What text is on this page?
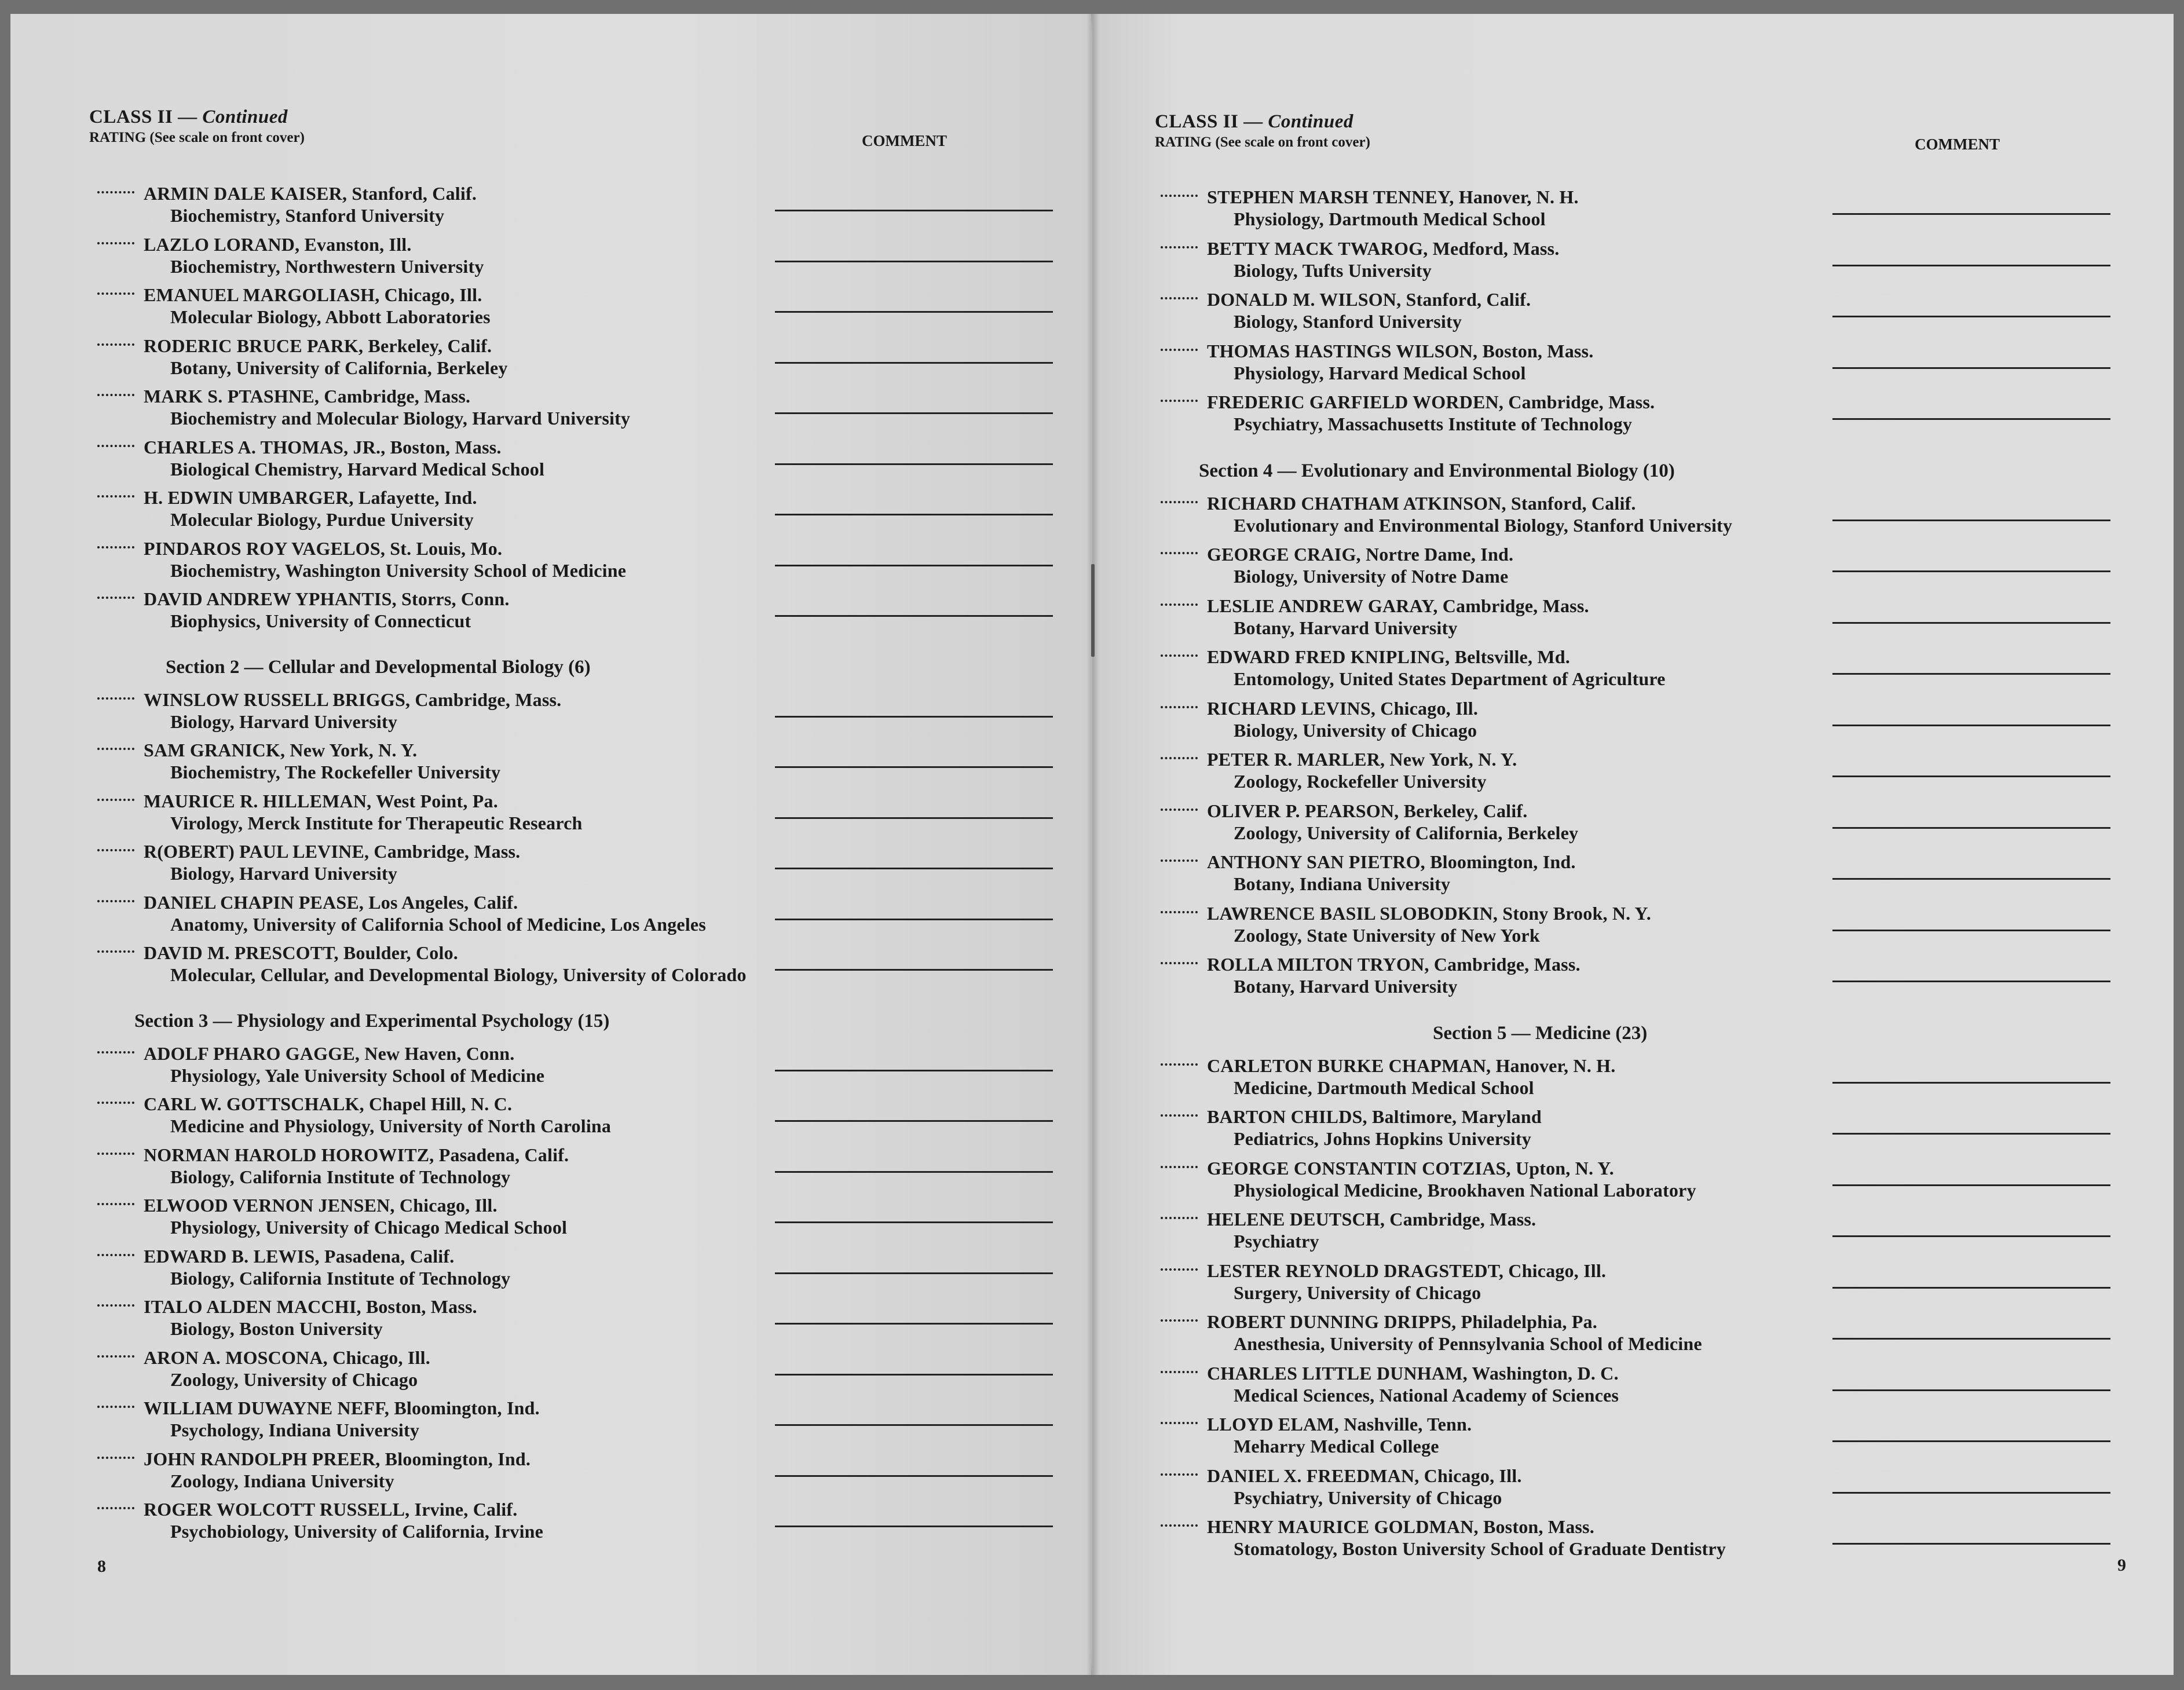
CLASS II — Continued
RATING (See scale on front cover)	COMMENT
ARMIN DALE KAISER, Stanford, Calif.
Biochemistry, Stanford University
LAZLO LORAND, Evanston, Ill.
Biochemistry, Northwestern University
EMANUEL MARGOLIASH, Chicago, Ill.
Molecular Biology, Abbott Laboratories
RODERIC BRUCE PARK, Berkeley, Calif.
Botany, University of California, Berkeley
MARK S. PTASHNE, Cambridge, Mass.
Biochemistry and Molecular Biology, Harvard University
CHARLES A. THOMAS, JR., Boston, Mass.
Biological Chemistry, Harvard Medical School
H. EDWIN UMBARGER, Lafayette, Ind.
Molecular Biology, Purdue University
PINDAROS ROY VAGELOS, St. Louis, Mo.
Biochemistry, Washington University School of Medicine
DAVID ANDREW YPHANTIS, Storrs, Conn.
Biophysics, University of Connecticut
Section 2 — Cellular and Developmental Biology (6)
WINSLOW RUSSELL BRIGGS, Cambridge, Mass.
Biology, Harvard University
SAM GRANICK, New York, N. Y.
Biochemistry, The Rockefeller University
MAURICE R. HILLEMAN, West Point, Pa.
Virology, Merck Institute for Therapeutic Research
R(OBERT) PAUL LEVINE, Cambridge, Mass.
Biology, Harvard University
DANIEL CHAPIN PEASE, Los Angeles, Calif.
Anatomy, University of California School of Medicine, Los Angeles
DAVID M. PRESCOTT, Boulder, Colo.
Molecular, Cellular, and Developmental Biology, University of Colorado
Section 3 — Physiology and Experimental Psychology (15)
ADOLF PHARO GAGGE, New Haven, Conn.
Physiology, Yale University School of Medicine
CARL W. GOTTSCHALK, Chapel Hill, N. C.
Medicine and Physiology, University of North Carolina
NORMAN HAROLD HOROWITZ, Pasadena, Calif.
Biology, California Institute of Technology
ELWOOD VERNON JENSEN, Chicago, Ill.
Physiology, University of Chicago Medical School
EDWARD B. LEWIS, Pasadena, Calif.
Biology, California Institute of Technology
ITALO ALDEN MACCHI, Boston, Mass.
Biology, Boston University
ARON A. MOSCONA, Chicago, Ill.
Zoology, University of Chicago
WILLIAM DUWAYNE NEFF, Bloomington, Ind.
Psychology, Indiana University
JOHN RANDOLPH PREER, Bloomington, Ind.
Zoology, Indiana University
ROGER WOLCOTT RUSSELL, Irvine, Calif.
Psychobiology, University of California, Irvine
8
CLASS II — Continued
RATING (See scale on front cover)	COMMENT
STEPHEN MARSH TENNEY, Hanover, N. H.
Physiology, Dartmouth Medical School
BETTY MACK TWAROG, Medford, Mass.
Biology, Tufts University
DONALD M. WILSON, Stanford, Calif.
Biology, Stanford University
THOMAS HASTINGS WILSON, Boston, Mass.
Physiology, Harvard Medical School
FREDERIC GARFIELD WORDEN, Cambridge, Mass.
Psychiatry, Massachusetts Institute of Technology
Section 4 — Evolutionary and Environmental Biology (10)
RICHARD CHATHAM ATKINSON, Stanford, Calif.
Evolutionary and Environmental Biology, Stanford University
GEORGE CRAIG, Nortre Dame, Ind.
Biology, University of Notre Dame
LESLIE ANDREW GARAY, Cambridge, Mass.
Botany, Harvard University
EDWARD FRED KNIPLING, Beltsville, Md.
Entomology, United States Department of Agriculture
RICHARD LEVINS, Chicago, Ill.
Biology, University of Chicago
PETER R. MARLER, New York, N. Y.
Zoology, Rockefeller University
OLIVER P. PEARSON, Berkeley, Calif.
Zoology, University of California, Berkeley
ANTHONY SAN PIETRO, Bloomington, Ind.
Botany, Indiana University
LAWRENCE BASIL SLOBODKIN, Stony Brook, N. Y.
Zoology, State University of New York
ROLLA MILTON TRYON, Cambridge, Mass.
Botany, Harvard University
Section 5 — Medicine (23)
CARLETON BURKE CHAPMAN, Hanover, N. H.
Medicine, Dartmouth Medical School
BARTON CHILDS, Baltimore, Maryland
Pediatrics, Johns Hopkins University
GEORGE CONSTANTIN COTZIAS, Upton, N. Y.
Physiological Medicine, Brookhaven National Laboratory
HELENE DEUTSCH, Cambridge, Mass.
Psychiatry
LESTER REYNOLD DRAGSTEDT, Chicago, Ill.
Surgery, University of Chicago
ROBERT DUNNING DRIPPS, Philadelphia, Pa.
Anesthesia, University of Pennsylvania School of Medicine
CHARLES LITTLE DUNHAM, Washington, D. C.
Medical Sciences, National Academy of Sciences
LLOYD ELAM, Nashville, Tenn.
Meharry Medical College
DANIEL X. FREEDMAN, Chicago, Ill.
Psychiatry, University of Chicago
HENRY MAURICE GOLDMAN, Boston, Mass.
Stomatology, Boston University School of Graduate Dentistry
9
